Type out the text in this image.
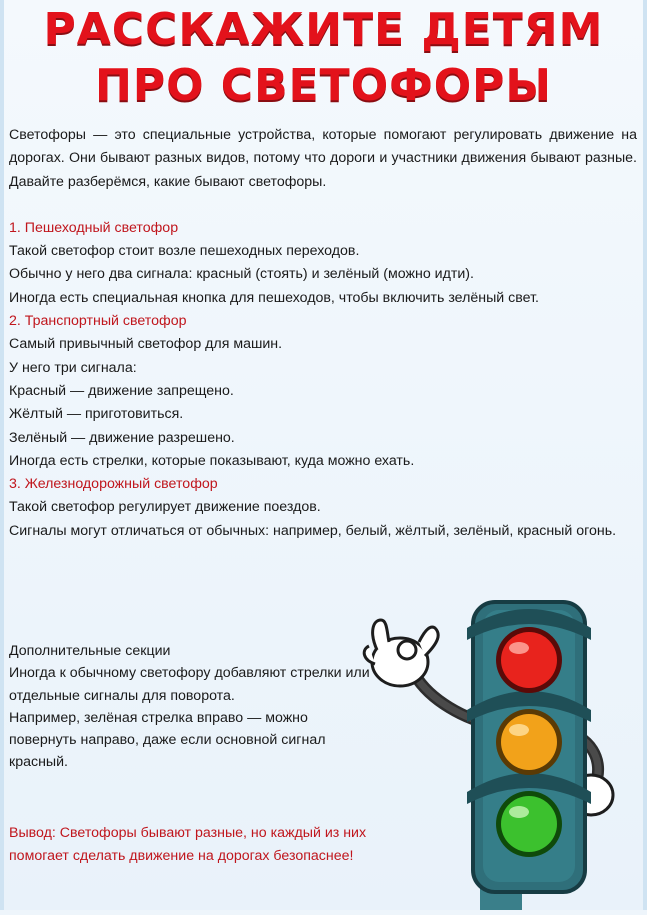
РАССКАЖИТЕ ДЕТЯМ
ПРО СВЕТОФОРЫ
Светофоры — это специальные устройства, которые помогают регулировать движение на дорогах. Они бывают разных видов, потому что дороги и участники движения бывают разные. Давайте разберёмся, какие бывают светофоры.
1. Пешеходный светофор
Такой светофор стоит возле пешеходных переходов.
Обычно у него два сигнала: красный (стоять) и зелёный (можно идти).
Иногда есть специальная кнопка для пешеходов, чтобы включить зелёный свет.
2. Транспортный светофор
Самый привычный светофор для машин.
У него три сигнала:
Красный — движение запрещено.
Жёлтый — приготовиться.
Зелёный — движение разрешено.
Иногда есть стрелки, которые показывают, куда можно ехать.
3. Железнодорожный светофор
Такой светофор регулирует движение поездов.
Сигналы могут отличаться от обычных: например, белый, жёлтый, зелёный, красный огонь.
Дополнительные секции
Иногда к обычному светофору добавляют стрелки или отдельные сигналы для поворота.
Например, зелёная стрелка вправо — можно повернуть направо, даже если основной сигнал красный.
Вывод: Светофоры бывают разные, но каждый из них помогает сделать движение на дорогах безопаснее!
